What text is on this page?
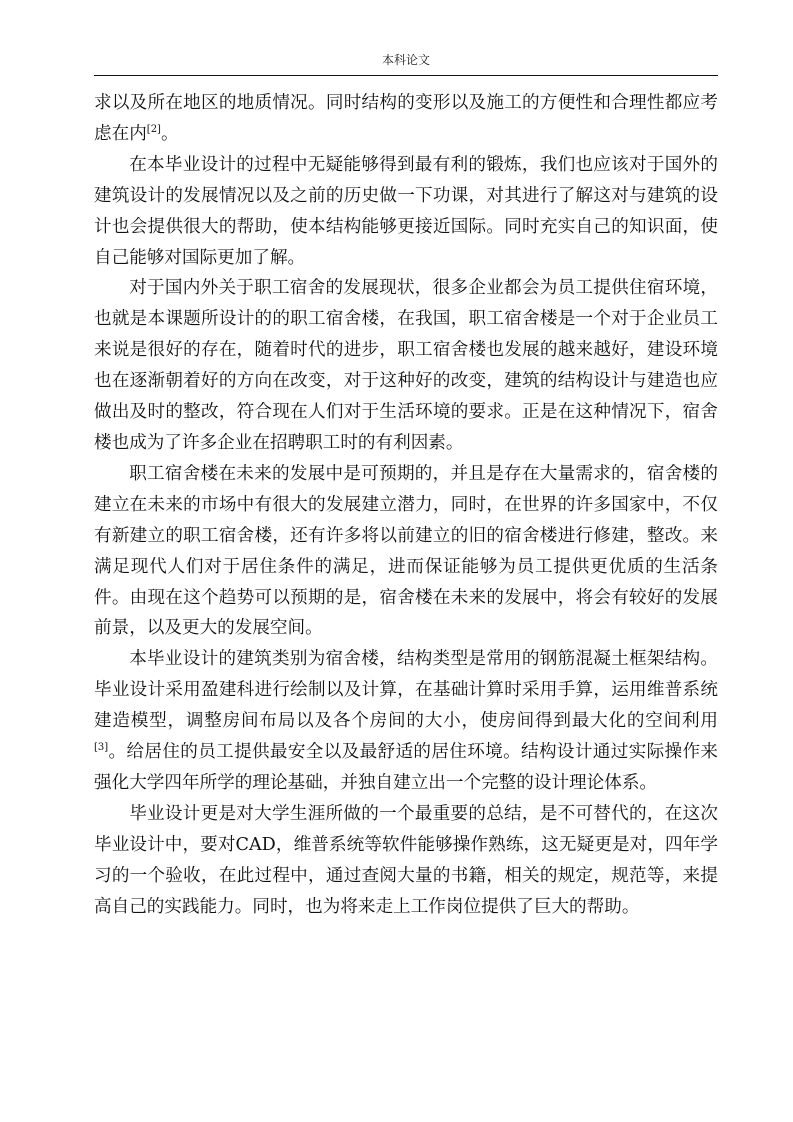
本科论文

求以及所在地区的地质情况。同时结构的变形以及施工的方便性和合理性都应考虑在内[2]。

在本毕业设计的过程中无疑能够得到最有利的锻炼，我们也应该对于国外的建筑设计的发展情况以及之前的历史做一下功课，对其进行了解这对与建筑的设计也会提供很大的帮助，使本结构能够更接近国际。同时充实自己的知识面，使自己能够对国际更加了解。

对于国内外关于职工宿舍的发展现状，很多企业都会为员工提供住宿环境，也就是本课题所设计的的职工宿舍楼，在我国，职工宿舍楼是一个对于企业员工来说是很好的存在，随着时代的进步，职工宿舍楼也发展的越来越好，建设环境也在逐渐朝着好的方向在改变，对于这种好的改变，建筑的结构设计与建造也应做出及时的整改，符合现在人们对于生活环境的要求。正是在这种情况下，宿舍楼也成为了许多企业在招聘职工时的有利因素。

职工宿舍楼在未来的发展中是可预期的，并且是存在大量需求的，宿舍楼的建立在未来的市场中有很大的发展建立潜力，同时，在世界的许多国家中，不仅有新建立的职工宿舍楼，还有许多将以前建立的旧的宿舍楼进行修建，整改。来满足现代人们对于居住条件的满足，进而保证能够为员工提供更优质的生活条件。由现在这个趋势可以预期的是，宿舍楼在未来的发展中，将会有较好的发展前景，以及更大的发展空间。

本毕业设计的建筑类别为宿舍楼，结构类型是常用的钢筋混凝土框架结构。毕业设计采用盈建科进行绘制以及计算，在基础计算时采用手算，运用维普系统建造模型，调整房间布局以及各个房间的大小，使房间得到最大化的空间利用[3]。给居住的员工提供最安全以及最舒适的居住环境。结构设计通过实际操作来强化大学四年所学的理论基础，并独自建立出一个完整的设计理论体系。

毕业设计更是对大学生涯所做的一个最重要的总结，是不可替代的，在这次毕业设计中，要对CAD，维普系统等软件能够操作熟练，这无疑更是对，四年学习的一个验收，在此过程中，通过查阅大量的书籍，相关的规定，规范等，来提高自己的实践能力。同时，也为将来走上工作岗位提供了巨大的帮助。
